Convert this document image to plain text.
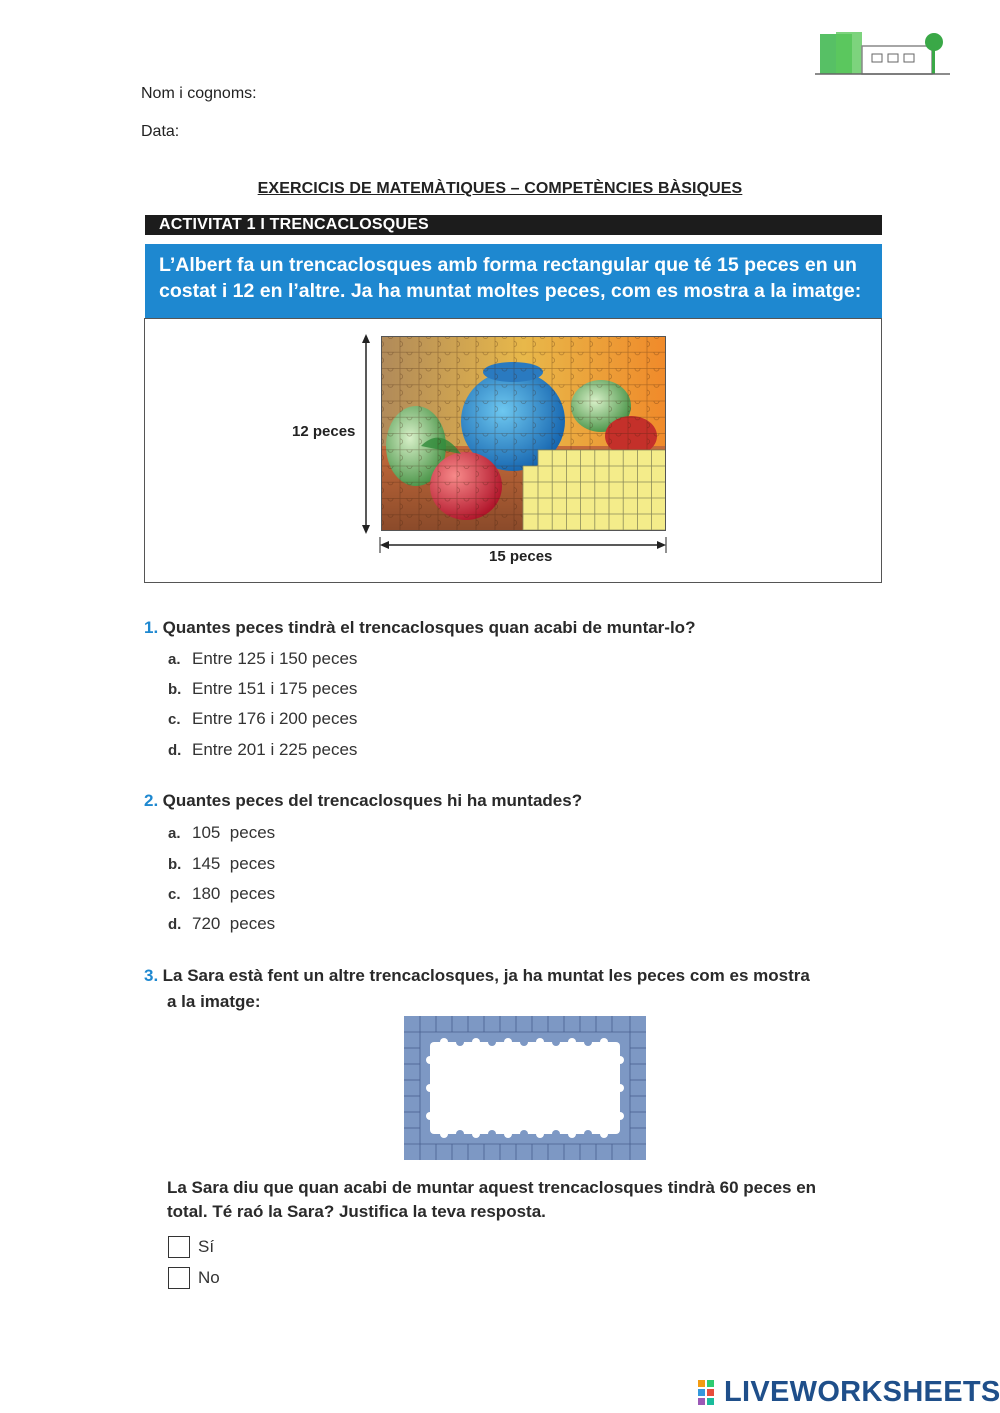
Nom i cognoms:
Data:
EXERCICIS DE MATEMÀTIQUES – COMPETÈNCIES BÀSIQUES
ACTIVITAT 1 I TRENCACLOSQUES
L’Albert fa un trencaclosques amb forma rectangular que té 15 peces en un
costat i 12 en l’altre. Ja ha muntat moltes peces, com es mostra a la imatge:
12 peces
15 peces
1. Quantes peces tindrà el trencaclosques quan acabi de muntar-lo?
a. Entre 125 i 150 peces
b. Entre 151 i 175 peces
c. Entre 176 i 200 peces
d. Entre 201 i 225 peces
2. Quantes peces del trencaclosques hi ha muntades?
a. 105  peces
b. 145  peces
c. 180  peces
d. 720  peces
3. La Sara està fent un altre trencaclosques, ja ha muntat les peces com es mostra
a la imatge:
La Sara diu que quan acabi de muntar aquest trencaclosques tindrà 60 peces en
total. Té raó la Sara? Justifica la teva resposta.
Sí
No
LIVEWORKSHEETS
